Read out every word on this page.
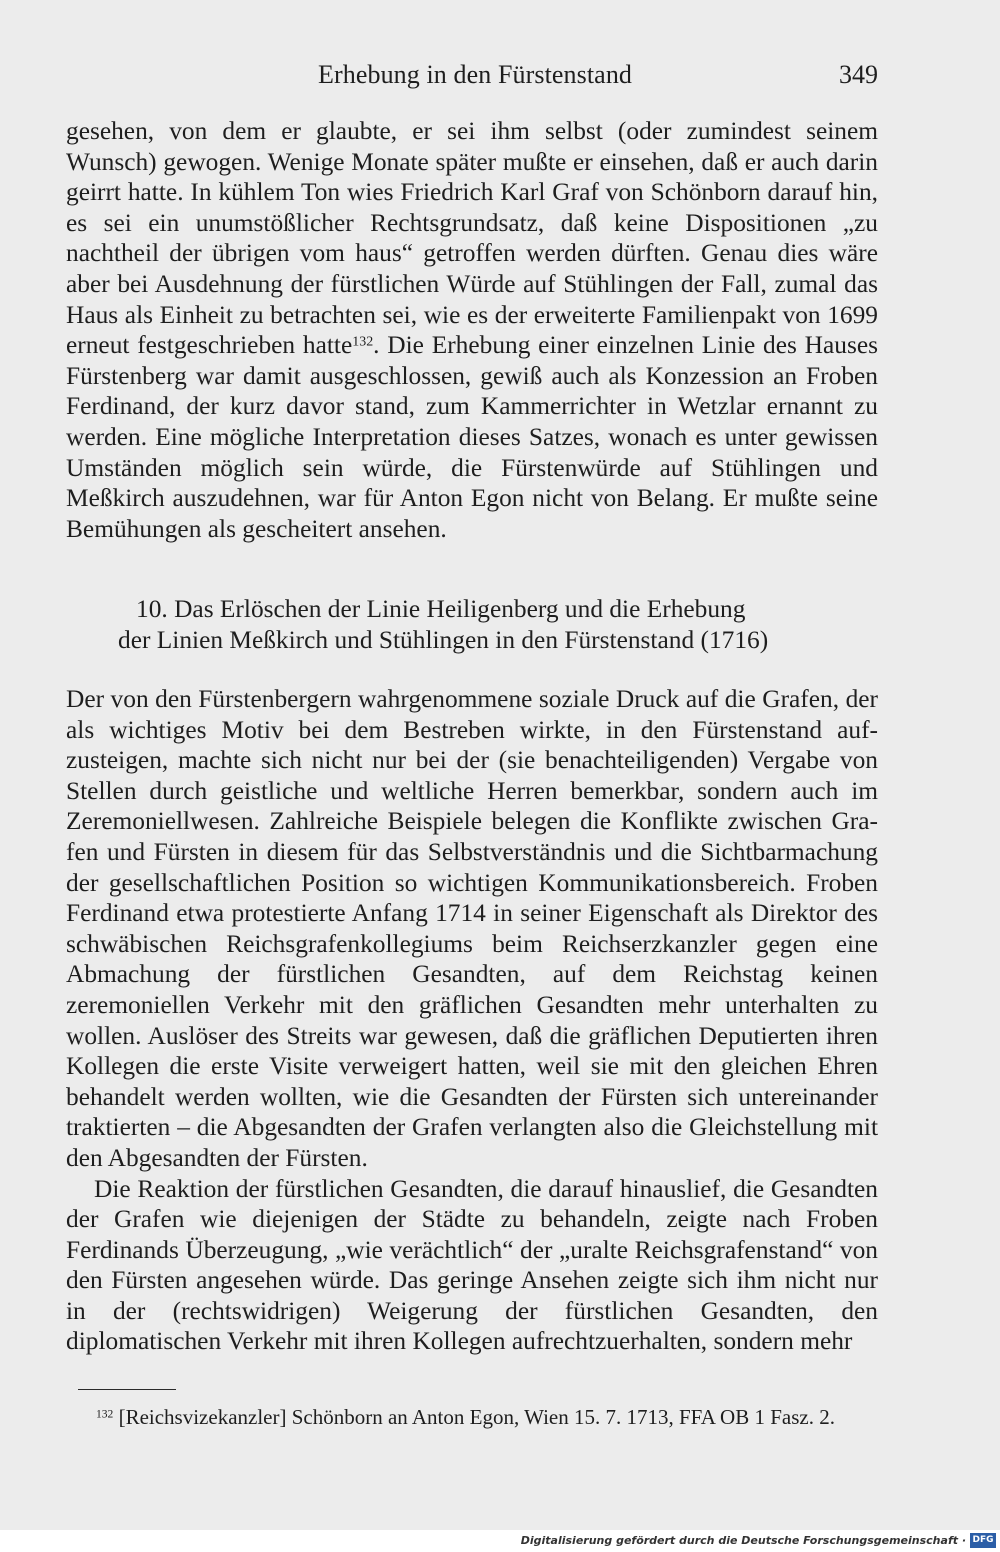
Erhebung in den Fürstenstand	349

gesehen, von dem er glaubte, er sei ihm selbst (oder zumindest seinem Wunsch) gewogen. Wenige Monate später mußte er einsehen, daß er auch darin geirrt hatte. In kühlem Ton wies Friedrich Karl Graf von Schönborn darauf hin, es sei ein unumstößlicher Rechtsgrundsatz, daß keine Dispositionen „zu nachtheil der übrigen vom haus“ getroffen werden dürften. Genau dies wäre aber bei Ausdehnung der fürstlichen Würde auf Stühlingen der Fall, zumal das Haus als Einheit zu betrachten sei, wie es der erweiterte Familienpakt von 1699 erneut festgeschrieben hatte$^{132}$. Die Erhebung einer einzelnen Linie des Hauses Fürstenberg war damit ausgeschlossen, gewiß auch als Konzession an Froben Ferdinand, der kurz davor stand, zum Kammerrichter in Wetzlar ernannt zu werden. Eine mögliche Interpretation dieses Satzes, wonach es unter gewissen Umständen möglich sein würde, die Fürstenwürde auf Stühlingen und Meßkirch auszudehnen, war für Anton Egon nicht von Belang. Er mußte seine Bemühungen als gescheitert ansehen.

10. Das Erlöschen der Linie Heiligenberg und die Erhebung
der Linien Meßkirch und Stühlingen in den Fürstenstand (1716)

Der von den Fürstenbergern wahrgenommene soziale Druck auf die Grafen, der als wichtiges Motiv bei dem Bestreben wirkte, in den Fürstenstand aufzusteigen, machte sich nicht nur bei der (sie benachteiligenden) Vergabe von Stellen durch geistliche und weltliche Herren bemerkbar, sondern auch im Zeremoniellwesen. Zahlreiche Beispiele belegen die Konflikte zwischen Grafen und Fürsten in diesem für das Selbstverständnis und die Sichtbarmachung der gesellschaftlichen Position so wichtigen Kommunikationsbereich. Froben Ferdinand etwa protestierte Anfang 1714 in seiner Eigenschaft als Direktor des schwäbischen Reichsgrafenkollegiums beim Reichserzkanzler gegen eine Abmachung der fürstlichen Gesandten, auf dem Reichstag keinen zeremoniellen Verkehr mit den gräflichen Gesandten mehr unterhalten zu wollen. Auslöser des Streits war gewesen, daß die gräflichen Deputierten ihren Kollegen die erste Visite verweigert hatten, weil sie mit den gleichen Ehren behandelt werden wollten, wie die Gesandten der Fürsten sich untereinander traktierten – die Abgesandten der Grafen verlangten also die Gleichstellung mit den Abgesandten der Fürsten.

Die Reaktion der fürstlichen Gesandten, die darauf hinauslief, die Gesandten der Grafen wie diejenigen der Städte zu behandeln, zeigte nach Froben Ferdinands Überzeugung, „wie verächtlich“ der „uralte Reichsgrafenstand“ von den Fürsten angesehen würde. Das geringe Ansehen zeigte sich ihm nicht nur in der (rechtswidrigen) Weigerung der fürstlichen Gesandten, den diplomatischen Verkehr mit ihren Kollegen aufrechtzuerhalten, sondern mehr

$^{132}$ [Reichsvizekanzler] Schönborn an Anton Egon, Wien 15. 7. 1713, FFA OB 1 Fasz. 2.
Digitalisierung gefördert durch die Deutsche Forschungsgemeinschaft · DFG
